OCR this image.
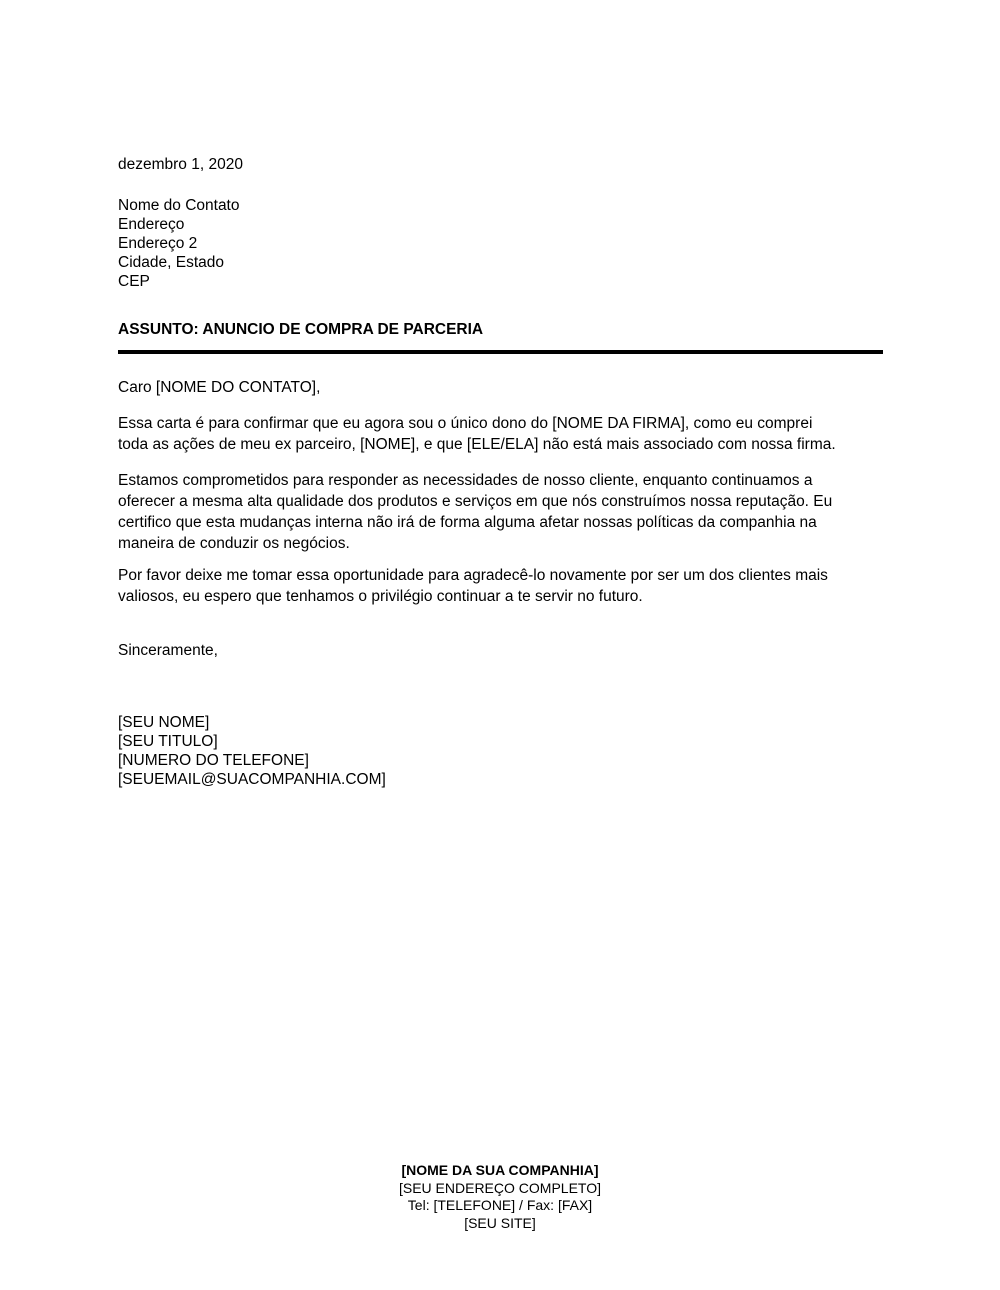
dezembro 1, 2020
Nome do Contato
Endereço
Endereço 2
Cidade, Estado
CEP
ASSUNTO: ANUNCIO DE COMPRA DE PARCERIA
Caro [NOME DO CONTATO],

Essa carta é para confirmar que eu agora sou o único dono do [NOME DA FIRMA], como eu comprei
toda as ações de meu ex parceiro, [NOME], e que [ELE/ELA] não está mais associado com nossa firma.

Estamos comprometidos para responder as necessidades de nosso cliente, enquanto continuamos a
oferecer a mesma alta qualidade dos produtos e serviços em que nós construímos nossa reputação. Eu
certifico que esta mudanças interna não irá de forma alguma afetar nossas políticas da companhia na
maneira de conduzir os negócios.

Por favor deixe me tomar essa oportunidade para agradecê-lo novamente por ser um dos clientes mais
valiosos, eu espero que tenhamos o privilégio continuar a te servir no futuro.

Sinceramente,
[SEU NOME]
[SEU TITULO]
[NUMERO DO TELEFONE]
[SEUEMAIL@SUACOMPANHIA.COM]
[NOME DA SUA COMPANHIA]
[SEU ENDEREÇO COMPLETO]
Tel: [TELEFONE] / Fax: [FAX]
[SEU SITE]
